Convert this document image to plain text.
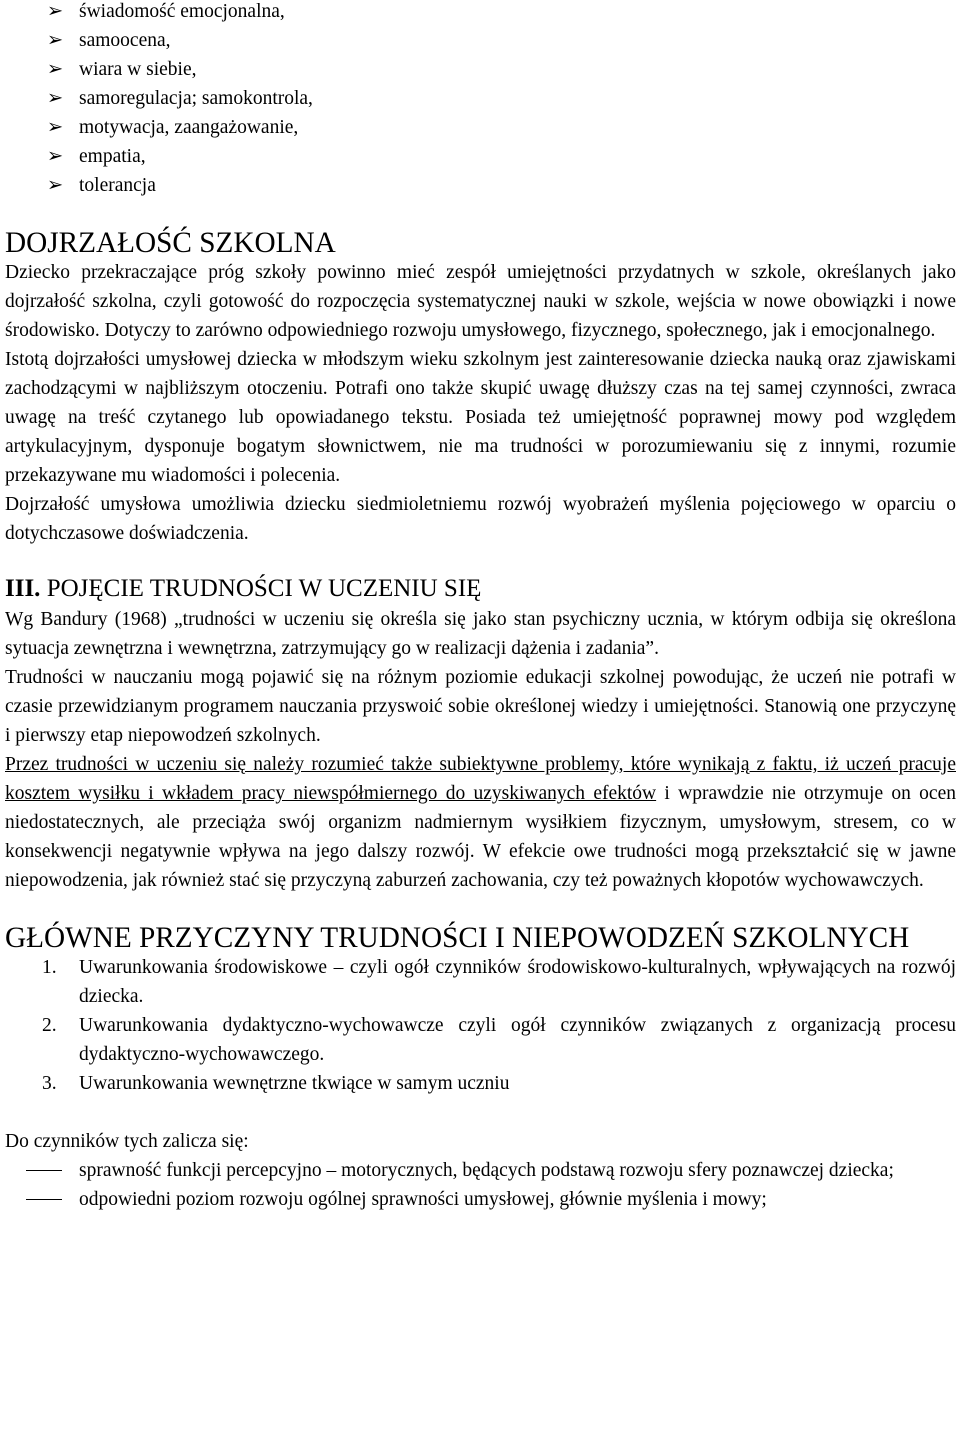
➢ świadomość emocjonalna,
➢ samoocena,
➢ wiara w siebie,
➢ samoregulacja; samokontrola,
➢ motywacja, zaangażowanie,
➢ empatia,
➢ tolerancja
DOJRZAŁOŚĆ SZKOLNA

Dziecko przekraczające próg szkoły powinno mieć zespół umiejętności przydatnych w szkole, określanych jako dojrzałość szkolna, czyli gotowość do rozpoczęcia systematycznej nauki w szkole, wejścia w nowe obowiązki i nowe środowisko. Dotyczy to zarówno odpowiedniego rozwoju umysłowego, fizycznego, społecznego, jak i emocjonalnego.

Istotą dojrzałości umysłowej dziecka w młodszym wieku szkolnym jest zainteresowanie dziecka nauką oraz zjawiskami zachodzącymi w najbliższym otoczeniu. Potrafi ono także skupić uwagę dłuższy czas na tej samej czynności, zwraca uwagę na treść czytanego lub opowiadanego tekstu. Posiada też umiejętność poprawnej mowy pod względem artykulacyjnym, dysponuje bogatym słownictwem, nie ma trudności w porozumiewaniu się z innymi, rozumie przekazywane mu wiadomości i polecenia.

Dojrzałość umysłowa umożliwia dziecku siedmioletniemu rozwój wyobrażeń myślenia pojęciowego w oparciu o dotychczasowe doświadczenia.

III. POJĘCIE TRUDNOŚCI W UCZENIU SIĘ

Wg Bandury (1968) „trudności w uczeniu się określa się jako stan psychiczny ucznia, w którym odbija się określona sytuacja zewnętrzna i wewnętrzna, zatrzymujący go w realizacji dążenia i zadania”.

Trudności w nauczaniu mogą pojawić się na różnym poziomie edukacji szkolnej powodując, że uczeń nie potrafi w czasie przewidzianym programem nauczania przyswoić sobie określonej wiedzy i umiejętności. Stanowią one przyczynę i pierwszy etap niepowodzeń szkolnych.

Przez trudności w uczeniu się należy rozumieć także subiektywne problemy, które wynikają z faktu, iż uczeń pracuje kosztem wysiłku i wkładem pracy niewspółmiernego do uzyskiwanych efektów i wprawdzie nie otrzymuje on ocen niedostatecznych, ale przeciąża swój organizm nadmiernym wysiłkiem fizycznym, umysłowym, stresem, co w konsekwencji negatywnie wpływa na jego dalszy rozwój. W efekcie owe trudności mogą przekształcić się w jawne niepowodzenia, jak również stać się przyczyną zaburzeń zachowania, czy też poważnych kłopotów wychowawczych.

GŁÓWNE PRZYCZYNY TRUDNOŚCI I NIEPOWODZEŃ SZKOLNYCH
1. Uwarunkowania środowiskowe – czyli ogół czynników środowiskowo-kulturalnych, wpływających na rozwój dziecka.
2. Uwarunkowania dydaktyczno-wychowawcze czyli ogół czynników związanych z organizacją procesu dydaktyczno-wychowawczego.
3. Uwarunkowania wewnętrzne tkwiące w samym uczniu

Do czynników tych zalicza się:

sprawność funkcji percepcyjno – motorycznych, będących podstawą rozwoju sfery poznawczej dziecka;
odpowiedni poziom rozwoju ogólnej sprawności umysłowej, głównie myślenia i mowy;
